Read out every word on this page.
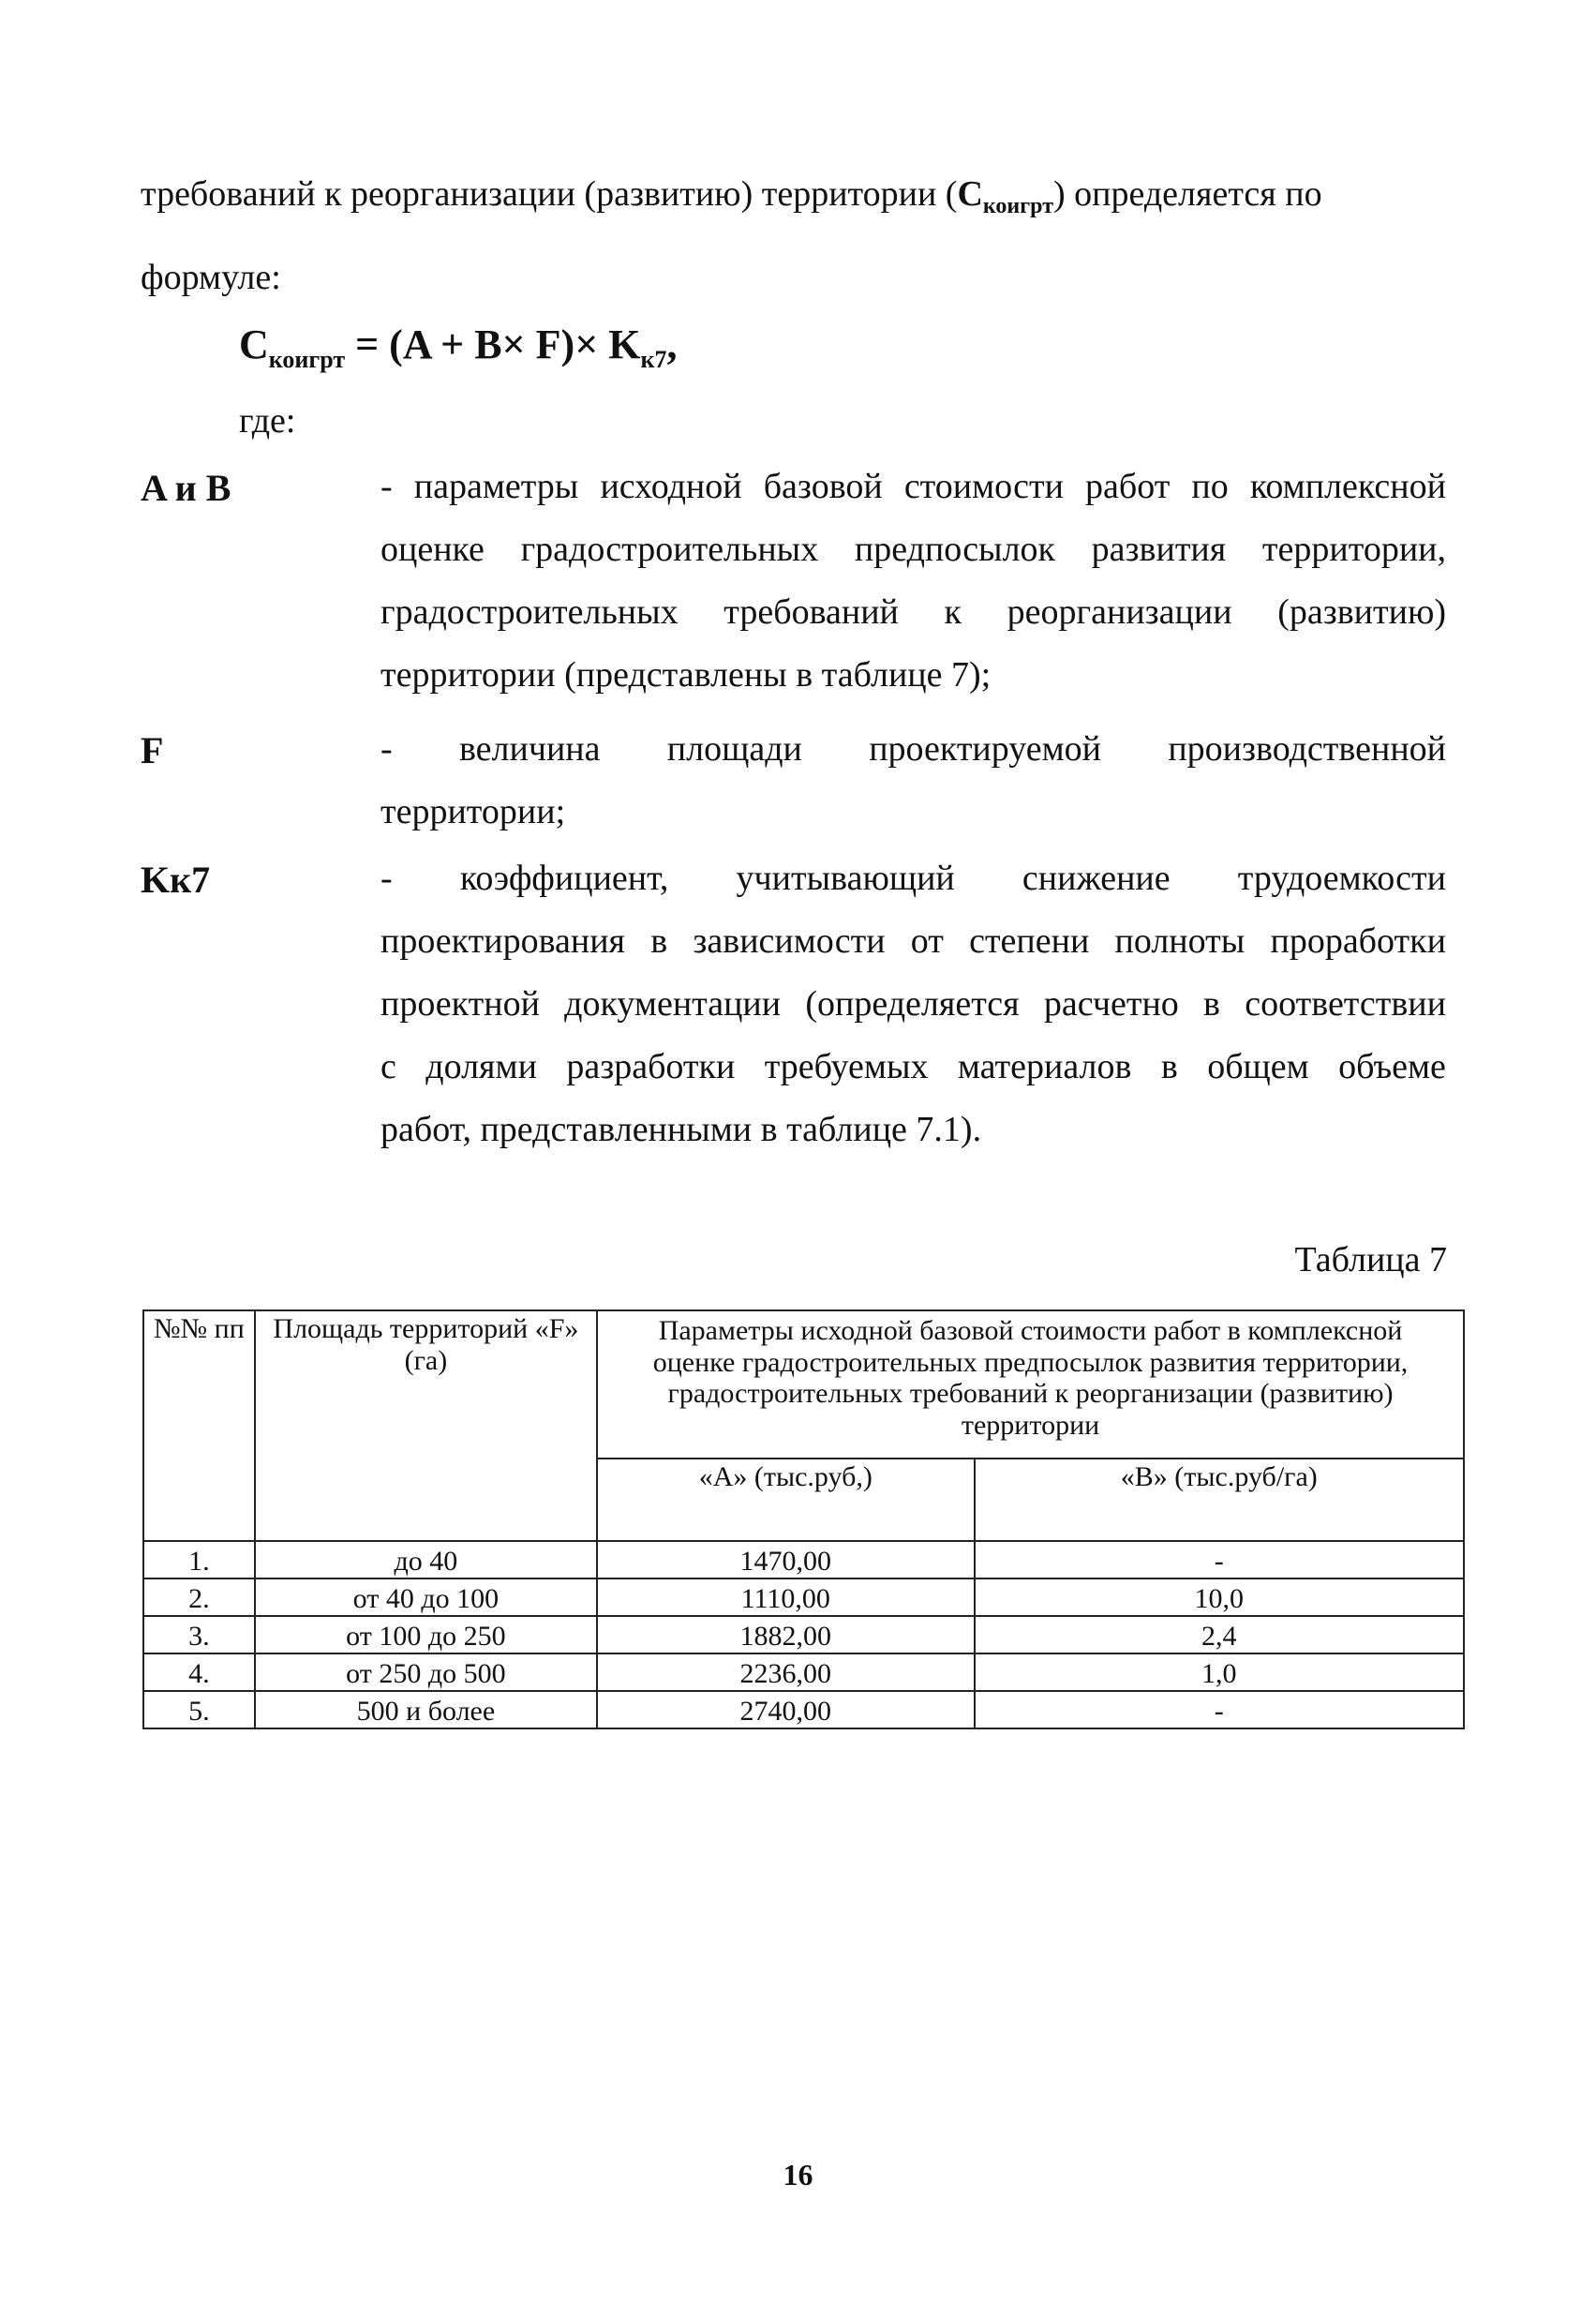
требований к реорганизации (развитию) территории $(C_{коигрт})$ определяется по
формуле:
$C_{коигрт} = (A + B\times F)\times K_{к7}$,
где:
A и B	- параметры исходной базовой стоимости работ по комплексной
оценке градостроительных предпосылок развития территории,
градостроительных требований к реорганизации (развитию)
территории (представлены в таблице 7);
F	- величина площади проектируемой производственной
территории;
Kк7	- коэффициент, учитывающий снижение трудоемкости
проектирования в зависимости от степени полноты проработки
проектной документации (определяется расчетно в соответствии
с долями разработки требуемых материалов в общем объеме
работ, представленными в таблице 7.1).
Таблица 7
№№ пп	Площадь территорий «F» (га)	Параметры исходной базовой стоимости работ в комплексной оценке градостроительных предпосылок развития территории, градостроительных требований к реорганизации (развитию) территории	
		«А» (тыс.руб,)	«В» (тыс.руб/га)
1.	до 40	1470,00	-
2.	от 40 до 100	1110,00	10,0
3.	от 100 до 250	1882,00	2,4
4.	от 250 до 500	2236,00	1,0
5.	500 и более	2740,00	-
16
